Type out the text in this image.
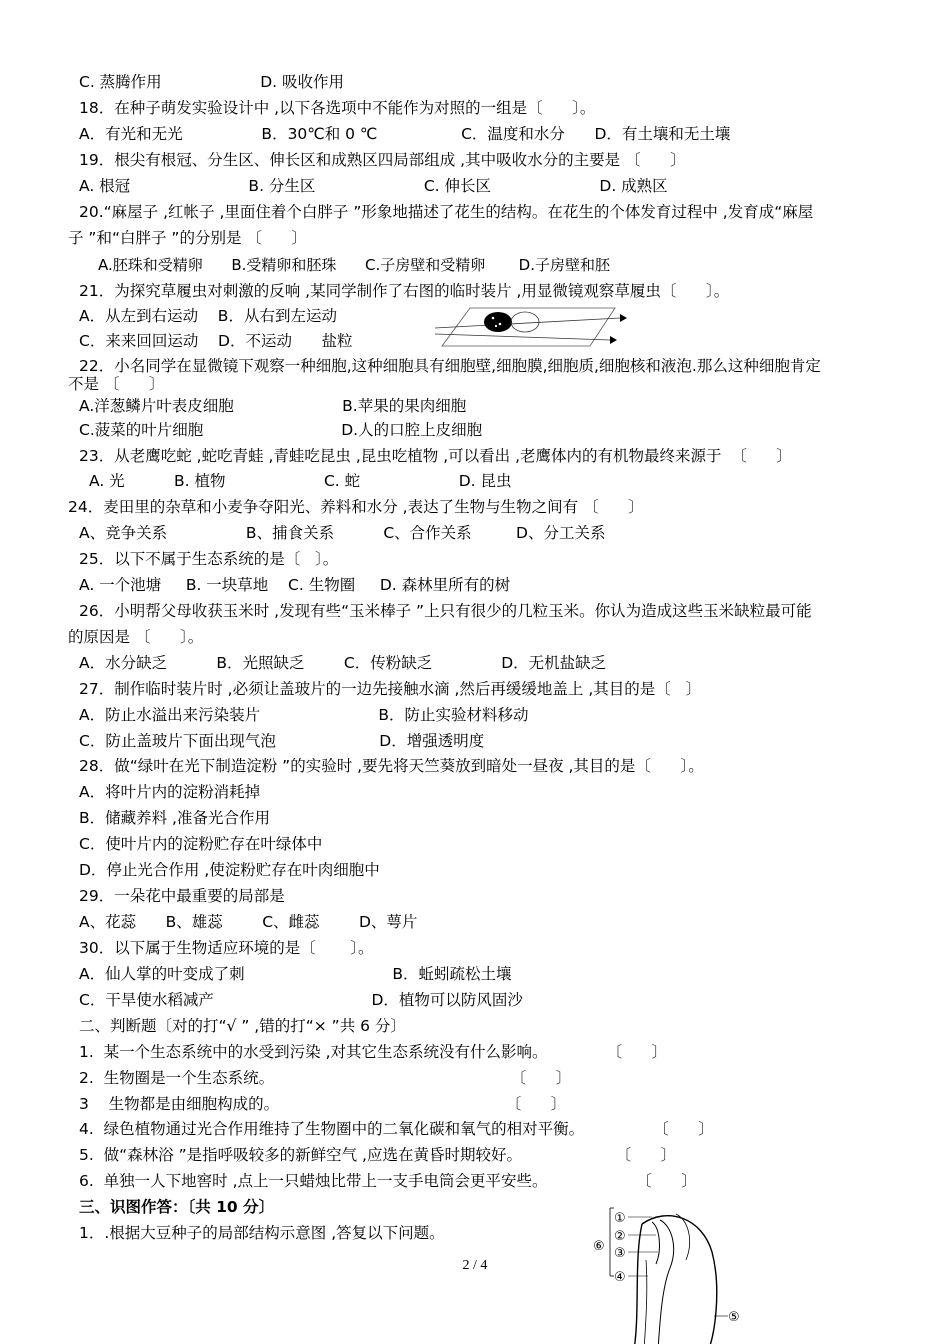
C. 蒸腾作用                    D. 吸收作用
18．在种子萌发实验设计中 ,以下各选项中不能作为对照的一组是〔      〕。
A．有光和无光                B．30℃和 0 ℃                 C．温度和水分      D．有土壤和无土壤
19．根尖有根冠、分生区、伸长区和成熟区四局部组成 ,其中吸收水分的主要是 〔      〕
A. 根冠                        B. 分生区                      C. 伸长区                      D. 成熟区
20.“麻屋子 ,红帐子 ,里面住着个白胖子 ”形象地描述了花生的结构。在花生的个体发育过程中 ,发育成“麻屋
子 ”和“白胖子 ”的分别是 〔      〕
A.胚珠和受精卵      B.受精卵和胚珠      C.子房壁和受精卵       D.子房壁和胚
21．为探究草履虫对刺激的反响 ,某同学制作了右图的临时装片 ,用显微镜观察草履虫〔      〕。
A．从左到右运动    B．从右到左运动
C．来来回回运动    D．不运动      盐粒
22．小名同学在显微镜下观察一种细胞,这种细胞具有细胞壁,细胞膜,细胞质,细胞核和液泡.那么这种细胞肯定
不是 〔      〕
A.洋葱鳞片叶表皮细胞                      B.苹果的果肉细胞
C.菠菜的叶片细胞                            D.人的口腔上皮细胞
23．从老鹰吃蛇 ,蛇吃青蛙 ,青蛙吃昆虫 ,昆虫吃植物 ,可以看出 ,老鹰体内的有机物最终来源于  〔      〕
A. 光          B. 植物                    C. 蛇                    D. 昆虫
24．麦田里的杂草和小麦争夺阳光、养料和水分 ,表达了生物与生物之间有 〔      〕
A、竞争关系                B、捕食关系          C、合作关系         D、分工关系
25．以下不属于生态系统的是〔   〕。
A. 一个池塘     B. 一块草地    C. 生物圈     D. 森林里所有的树
26．小明帮父母收获玉米时 ,发现有些“玉米棒子 ”上只有很少的几粒玉米。你认为造成这些玉米缺粒最可能
的原因是 〔      〕。
A．水分缺乏          B．光照缺乏        C．传粉缺乏              D．无机盐缺乏
27．制作临时装片时 ,必须让盖玻片的一边先接触水滴 ,然后再缓缓地盖上 ,其目的是〔   〕
A．防止水溢出来污染装片                        B．防止实验材料移动
C．防止盖玻片下面出现气泡                     D．增强透明度
28．做“绿叶在光下制造淀粉 ”的实验时 ,要先将天竺葵放到暗处一昼夜 ,其目的是〔      〕。
A．将叶片内的淀粉消耗掉
B．储藏养料 ,准备光合作用
C．使叶片内的淀粉贮存在叶绿体中
D．停止光合作用 ,使淀粉贮存在叶肉细胞中
29．一朵花中最重要的局部是
A、花蕊      B、雄蕊        C、雌蕊        D、萼片
30．以下属于生物适应环境的是〔       〕。
A．仙人掌的叶变成了刺                              B．蚯蚓疏松土壤
C．干旱使水稻减产                                D．植物可以防风固沙
二、判断题〔对的打“√ ” ,错的打“× ”共 6 分〕
1.  某一个生态系统中的水受到污染 ,对其它生态系统没有什么影响。            〔      〕
2.  生物圈是一个生态系统。                                                〔      〕
3    生物都是由细胞构成的。                                              〔      〕
4.  绿色植物通过光合作用维持了生物圈中的二氧化碳和氧气的相对平衡。              〔      〕
5.  做“森林浴 ”是指呼吸较多的新鲜空气 ,应选在黄昏时期较好。                   〔      〕
6.  单独一人下地窖时 ,点上一只蜡烛比带上一支手电筒会更平安些。                  〔      〕
三、识图作答：〔共 10 分〕
1．.根据大豆种子的局部结构示意图 ,答复以下问题。
①
②
③
④
⑤
⑥
2 / 4
